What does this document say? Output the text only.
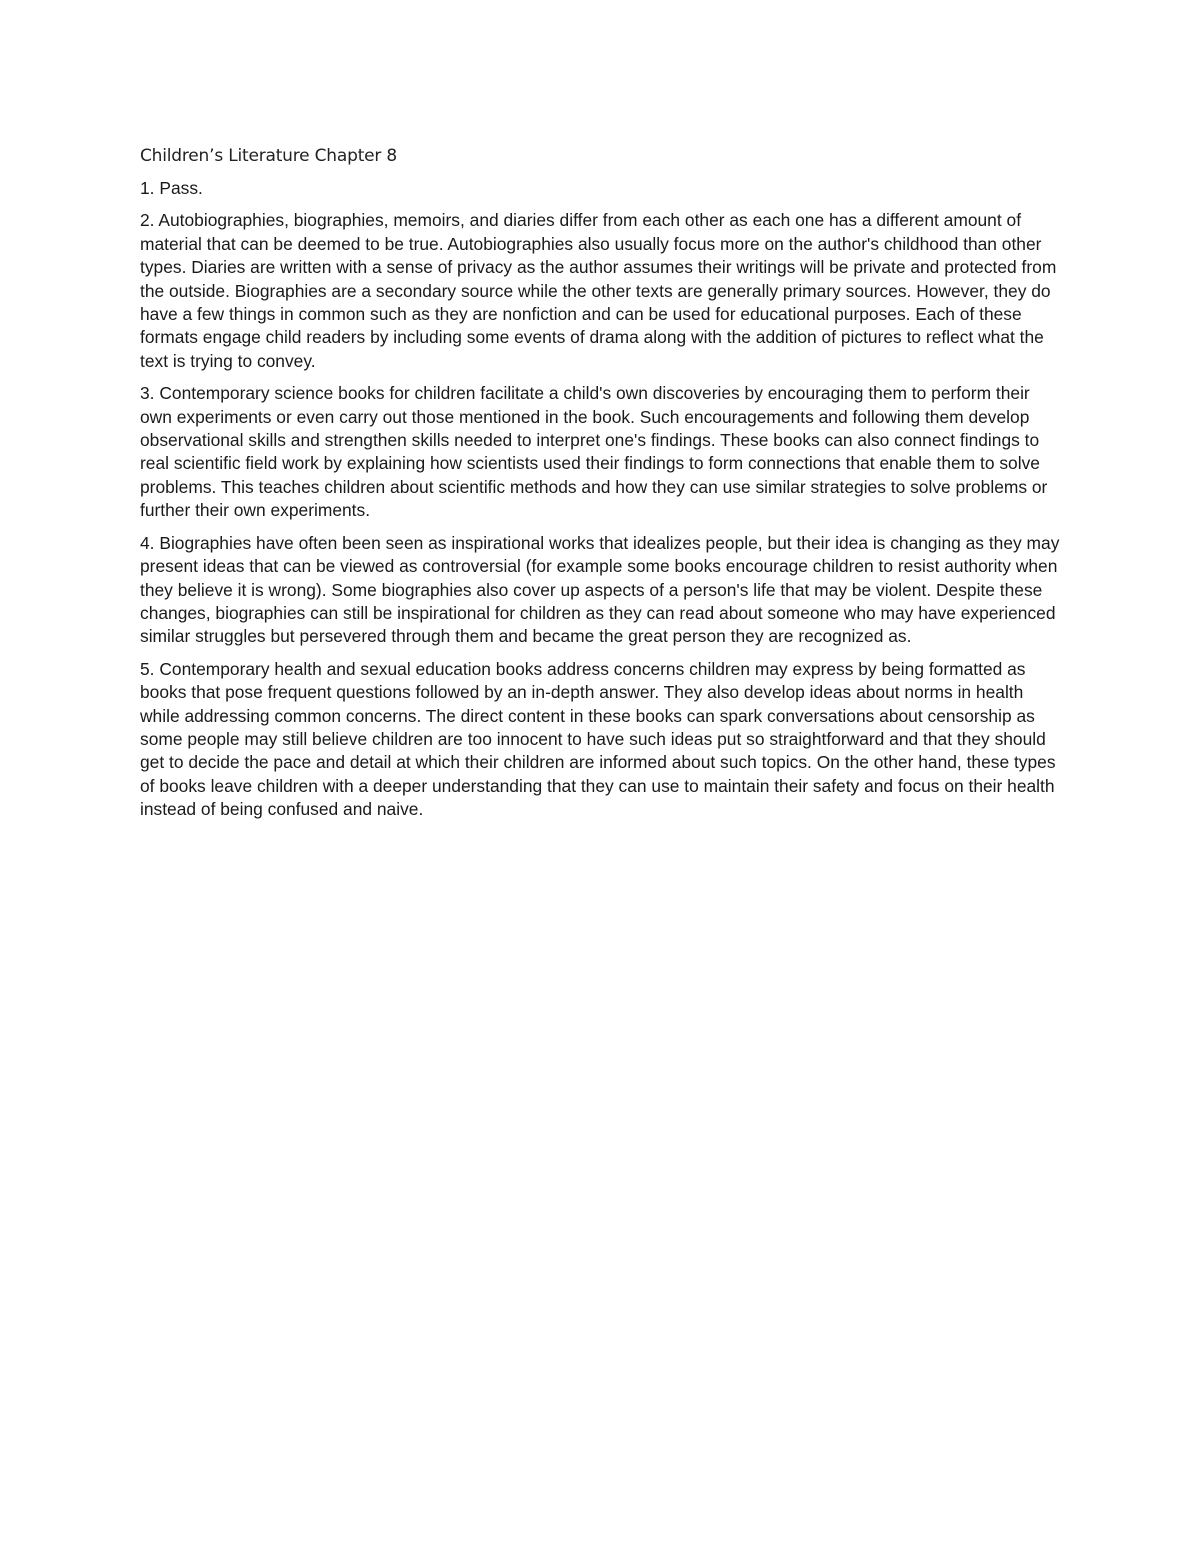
Children’s Literature Chapter 8

1. Pass.

2. Autobiographies, biographies, memoirs, and diaries differ from each other as each one has a different amount of material that can be deemed to be true. Autobiographies also usually focus more on the author's childhood than other types. Diaries are written with a sense of privacy as the author assumes their writings will be private and protected from the outside. Biographies are a secondary source while the other texts are generally primary sources. However, they do have a few things in common such as they are nonfiction and can be used for educational purposes. Each of these formats engage child readers by including some events of drama along with the addition of pictures to reflect what the text is trying to convey.

3. Contemporary science books for children facilitate a child's own discoveries by encouraging them to perform their own experiments or even carry out those mentioned in the book. Such encouragements and following them develop observational skills and strengthen skills needed to interpret one's findings. These books can also connect findings to real scientific field work by explaining how scientists used their findings to form connections that enable them to solve problems. This teaches children about scientific methods and how they can use similar strategies to solve problems or further their own experiments.

4. Biographies have often been seen as inspirational works that idealizes people, but their idea is changing as they may present ideas that can be viewed as controversial (for example some books encourage children to resist authority when they believe it is wrong). Some biographies also cover up aspects of a person's life that may be violent. Despite these changes, biographies can still be inspirational for children as they can read about someone who may have experienced similar struggles but persevered through them and became the great person they are recognized as.

5. Contemporary health and sexual education books address concerns children may express by being formatted as books that pose frequent questions followed by an in-depth answer. They also develop ideas about norms in health while addressing common concerns. The direct content in these books can spark conversations about censorship as some people may still believe children are too innocent to have such ideas put so straightforward and that they should get to decide the pace and detail at which their children are informed about such topics. On the other hand, these types of books leave children with a deeper understanding that they can use to maintain their safety and focus on their health instead of being confused and naive.
